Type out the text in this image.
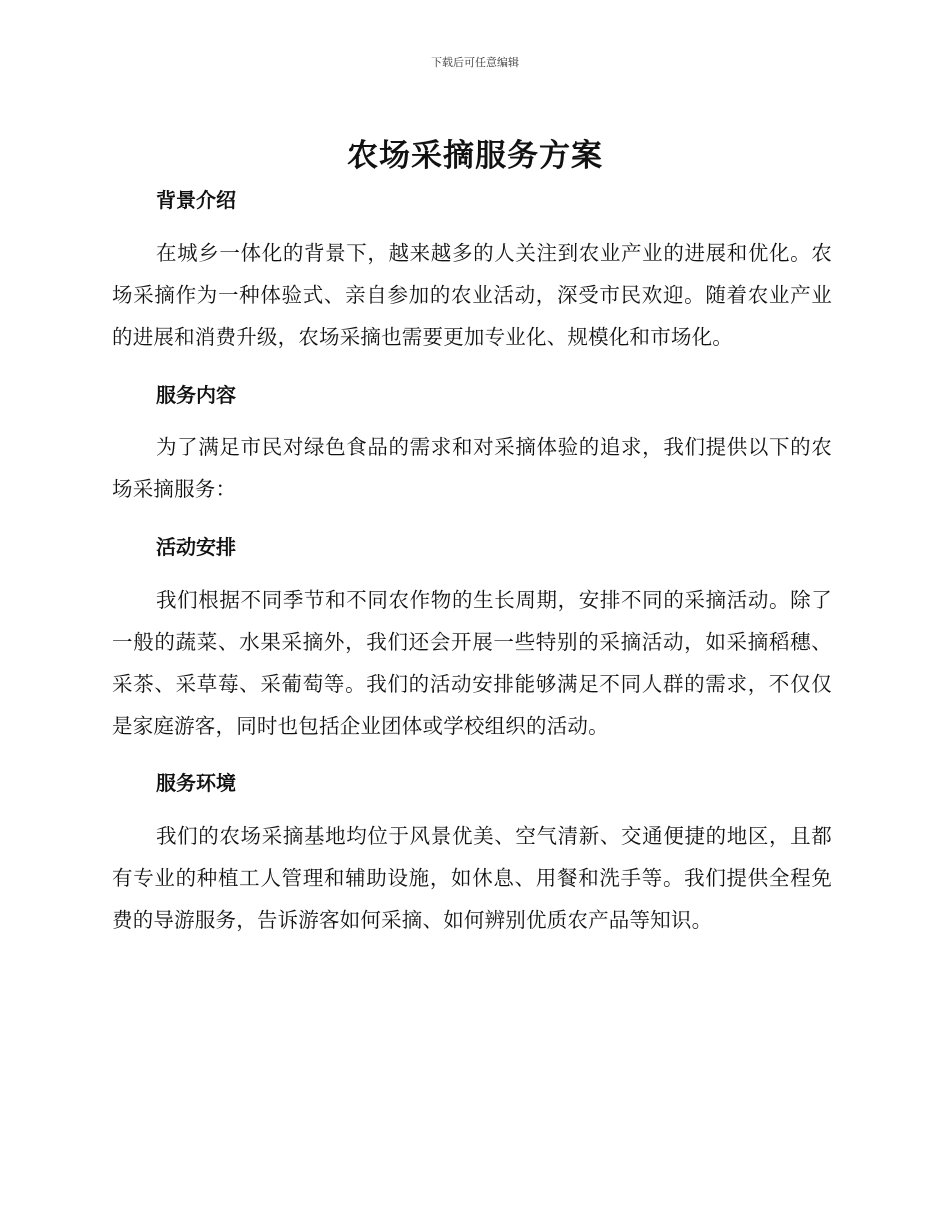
下载后可任意编辑
农场采摘服务方案
背景介绍

在城乡一体化的背景下，越来越多的人关注到农业产业的进展和优化。农场采摘作为一种体验式、亲自参加的农业活动，深受市民欢迎。随着农业产业的进展和消费升级，农场采摘也需要更加专业化、规模化和市场化。

服务内容

为了满足市民对绿色食品的需求和对采摘体验的追求，我们提供以下的农场采摘服务：

活动安排

我们根据不同季节和不同农作物的生长周期，安排不同的采摘活动。除了一般的蔬菜、水果采摘外，我们还会开展一些特别的采摘活动，如采摘稻穗、采茶、采草莓、采葡萄等。我们的活动安排能够满足不同人群的需求，不仅仅是家庭游客，同时也包括企业团体或学校组织的活动。

服务环境

我们的农场采摘基地均位于风景优美、空气清新、交通便捷的地区，且都有专业的种植工人管理和辅助设施，如休息、用餐和洗手等。我们提供全程免费的导游服务，告诉游客如何采摘、如何辨别优质农产品等知识。
